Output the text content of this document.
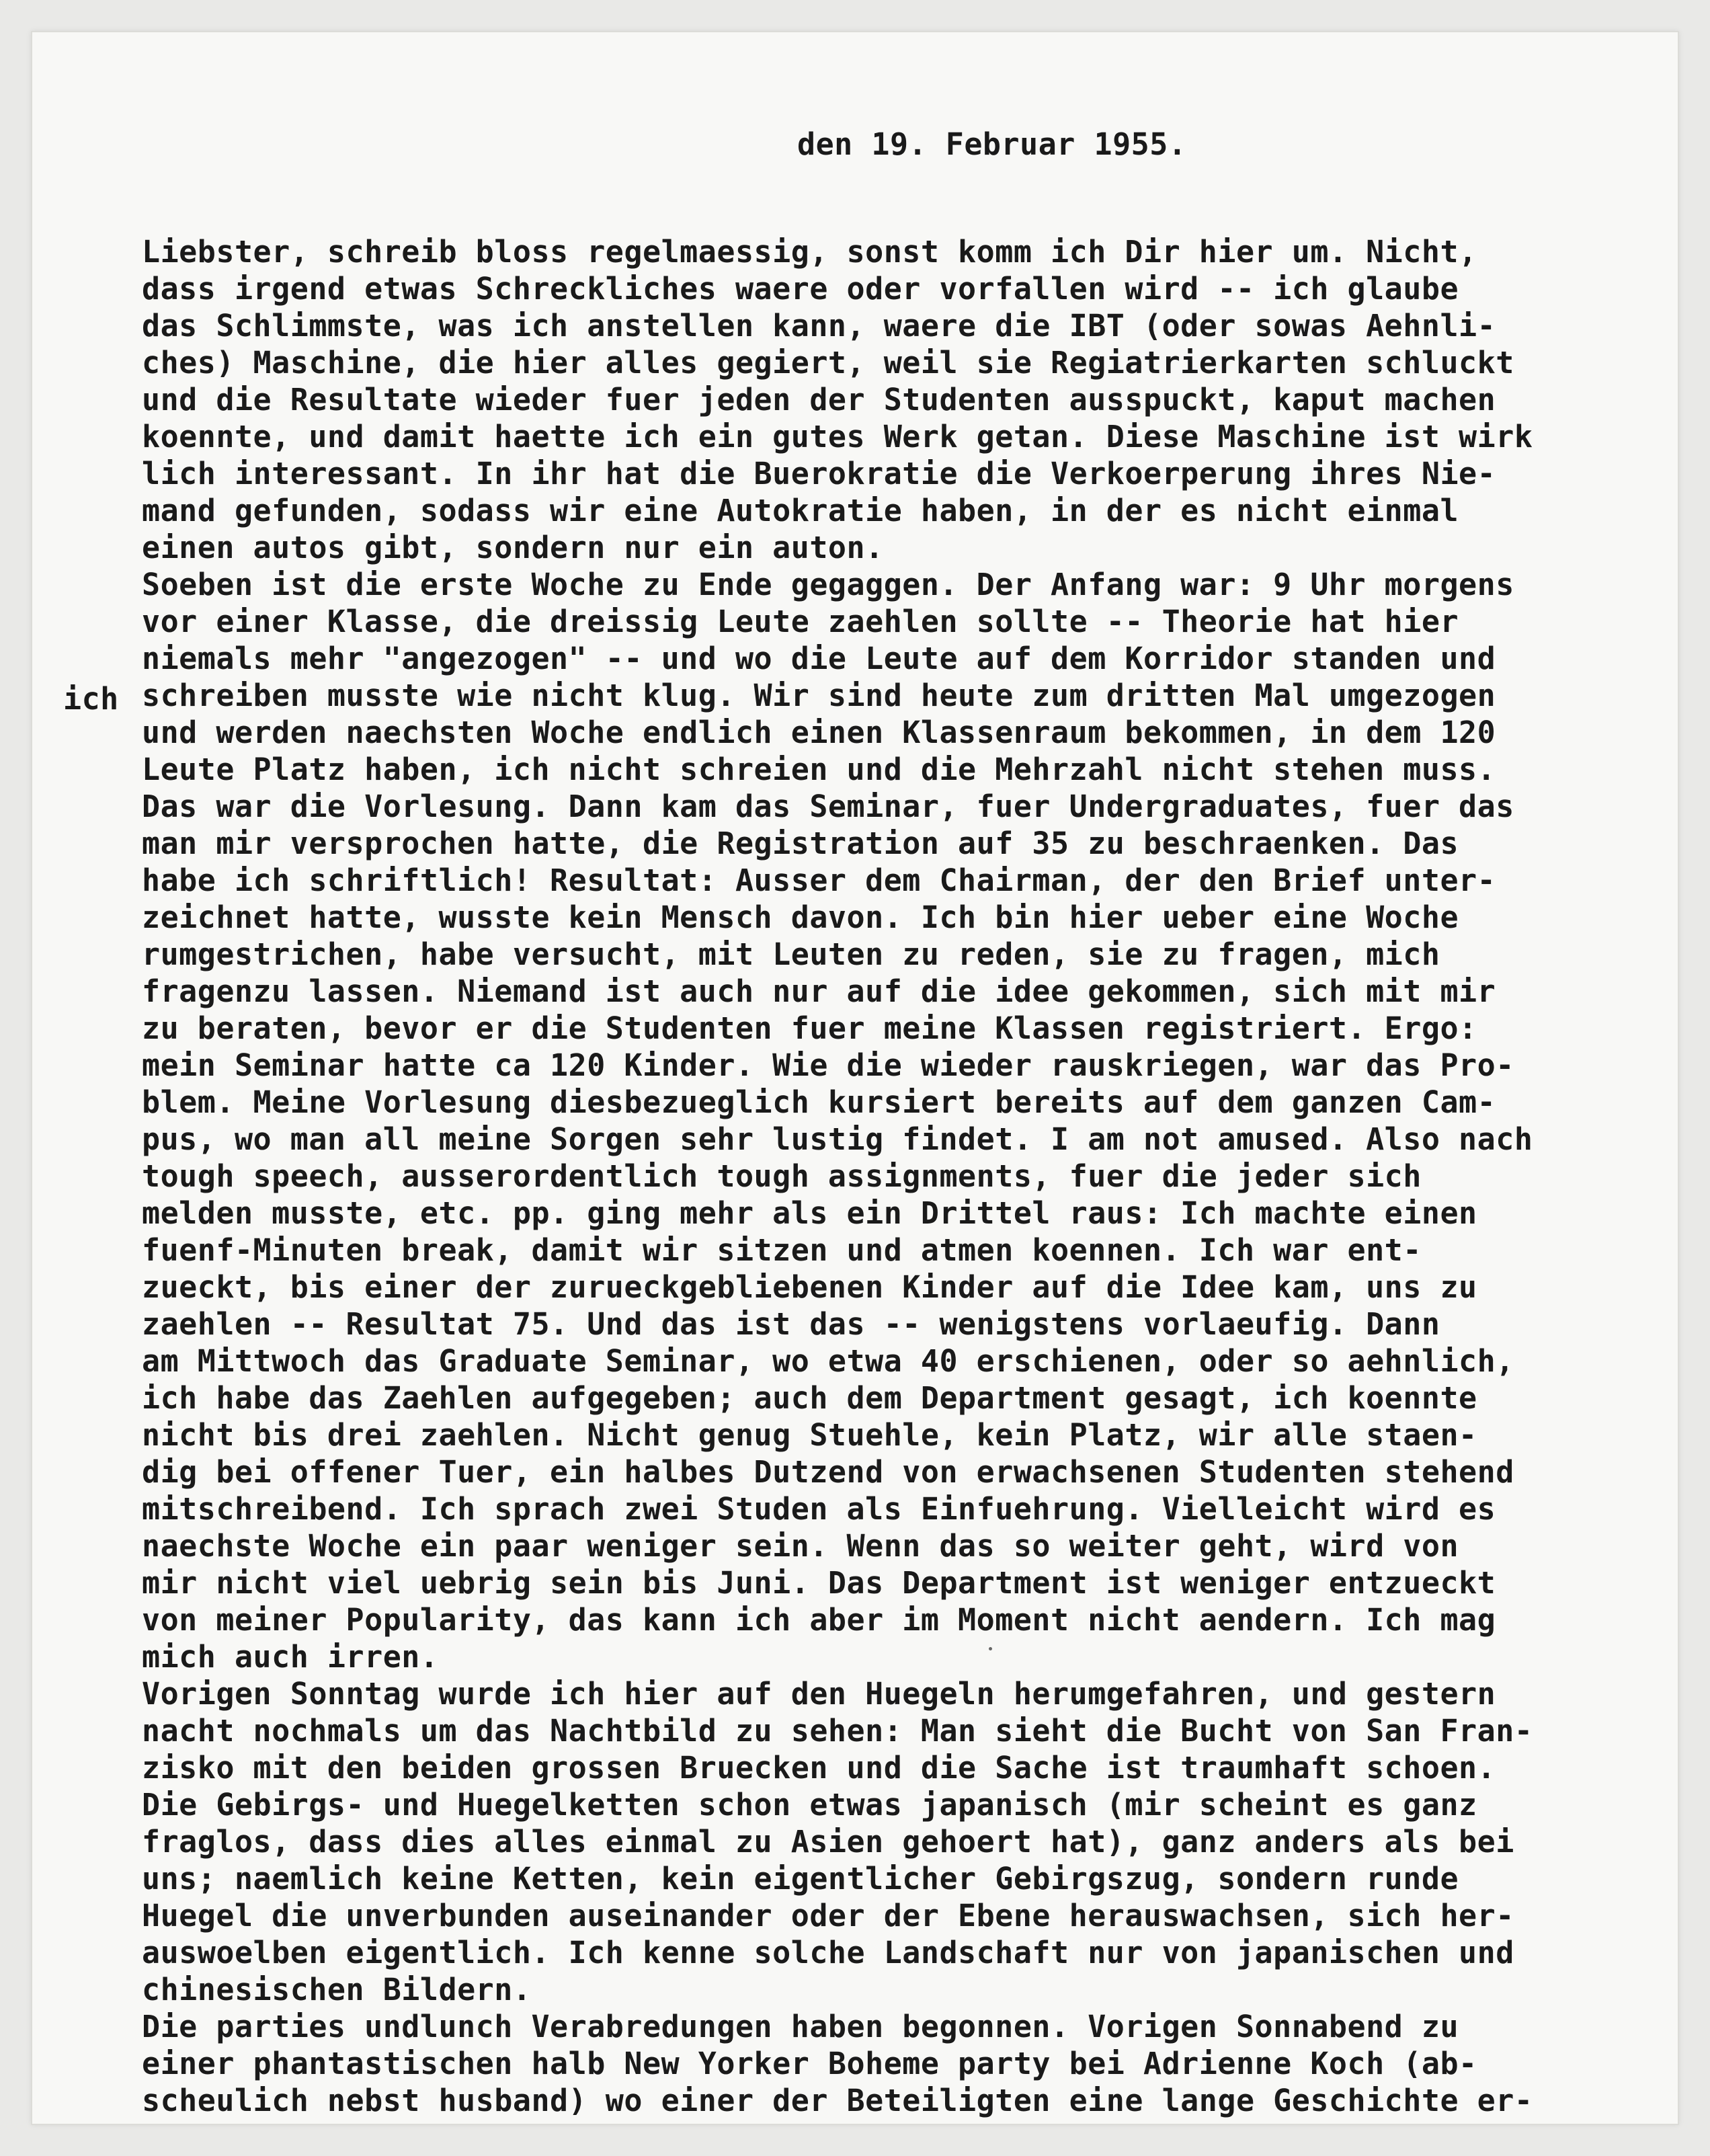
den 19. Februar 1955.

ich

Liebster, schreib bloss regelmaessig, sonst komm ich Dir hier um. Nicht,

dass irgend etwas Schreckliches waere oder vorfallen wird -- ich glaube

das Schlimmste, was ich anstellen kann, waere die IBT (oder sowas Aehnli-

ches) Maschine, die hier alles gegiert, weil sie Regiatrierkarten schluckt

und die Resultate wieder fuer jeden der Studenten ausspuckt, kaput machen

koennte, und damit haette ich ein gutes Werk getan. Diese Maschine ist wirk

lich interessant. In ihr hat die Buerokratie die Verkoerperung ihres Nie-

mand gefunden, sodass wir eine Autokratie haben, in der es nicht einmal

einen autos gibt, sondern nur ein auton.

Soeben ist die erste Woche zu Ende gegaggen. Der Anfang war: 9 Uhr morgens

vor einer Klasse, die dreissig Leute zaehlen sollte -- Theorie hat hier

niemals mehr "angezogen" -- und wo die Leute auf dem Korridor standen und

schreiben musste wie nicht klug. Wir sind heute zum dritten Mal umgezogen

und werden naechsten Woche endlich einen Klassenraum bekommen, in dem 120

Leute Platz haben, ich nicht schreien und die Mehrzahl nicht stehen muss.

Das war die Vorlesung. Dann kam das Seminar, fuer Undergraduates, fuer das

man mir versprochen hatte, die Registration auf 35 zu beschraenken. Das

habe ich schriftlich! Resultat: Ausser dem Chairman, der den Brief unter-

zeichnet hatte, wusste kein Mensch davon. Ich bin hier ueber eine Woche

rumgestrichen, habe versucht, mit Leuten zu reden, sie zu fragen, mich

fragenzu lassen. Niemand ist auch nur auf die idee gekommen, sich mit mir

zu beraten, bevor er die Studenten fuer meine Klassen registriert. Ergo:

mein Seminar hatte ca 120 Kinder. Wie die wieder rauskriegen, war das Pro-

blem. Meine Vorlesung diesbezueglich kursiert bereits auf dem ganzen Cam-

pus, wo man all meine Sorgen sehr lustig findet. I am not amused. Also nach

tough speech, ausserordentlich tough assignments, fuer die jeder sich

melden musste, etc. pp. ging mehr als ein Drittel raus: Ich machte einen

fuenf-Minuten break, damit wir sitzen und atmen koennen. Ich war ent-

zueckt, bis einer der zurueckgebliebenen Kinder auf die Idee kam, uns zu

zaehlen -- Resultat 75. Und das ist das -- wenigstens vorlaeufig. Dann

am Mittwoch das Graduate Seminar, wo etwa 40 erschienen, oder so aehnlich,

ich habe das Zaehlen aufgegeben; auch dem Department gesagt, ich koennte

nicht bis drei zaehlen. Nicht genug Stuehle, kein Platz, wir alle staen-

dig bei offener Tuer, ein halbes Dutzend von erwachsenen Studenten stehend

mitschreibend. Ich sprach zwei Studen als Einfuehrung. Vielleicht wird es

naechste Woche ein paar weniger sein. Wenn das so weiter geht, wird von

mir nicht viel uebrig sein bis Juni. Das Department ist weniger entzueckt

von meiner Popularity, das kann ich aber im Moment nicht aendern. Ich mag

mich auch irren.

Vorigen Sonntag wurde ich hier auf den Huegeln herumgefahren, und gestern

nacht nochmals um das Nachtbild zu sehen: Man sieht die Bucht von San Fran-

zisko mit den beiden grossen Bruecken und die Sache ist traumhaft schoen.

Die Gebirgs- und Huegelketten schon etwas japanisch (mir scheint es ganz

fraglos, dass dies alles einmal zu Asien gehoert hat), ganz anders als bei

uns; naemlich keine Ketten, kein eigentlicher Gebirgszug, sondern runde

Huegel die unverbunden auseinander oder der Ebene herauswachsen, sich her-

auswoelben eigentlich. Ich kenne solche Landschaft nur von japanischen und

chinesischen Bildern.

Die parties undlunch Verabredungen haben begonnen. Vorigen Sonnabend zu

einer phantastischen halb New Yorker Boheme party bei Adrienne Koch (ab-

scheulich nebst husband) wo einer der Beteiligten eine lange Geschichte er-
